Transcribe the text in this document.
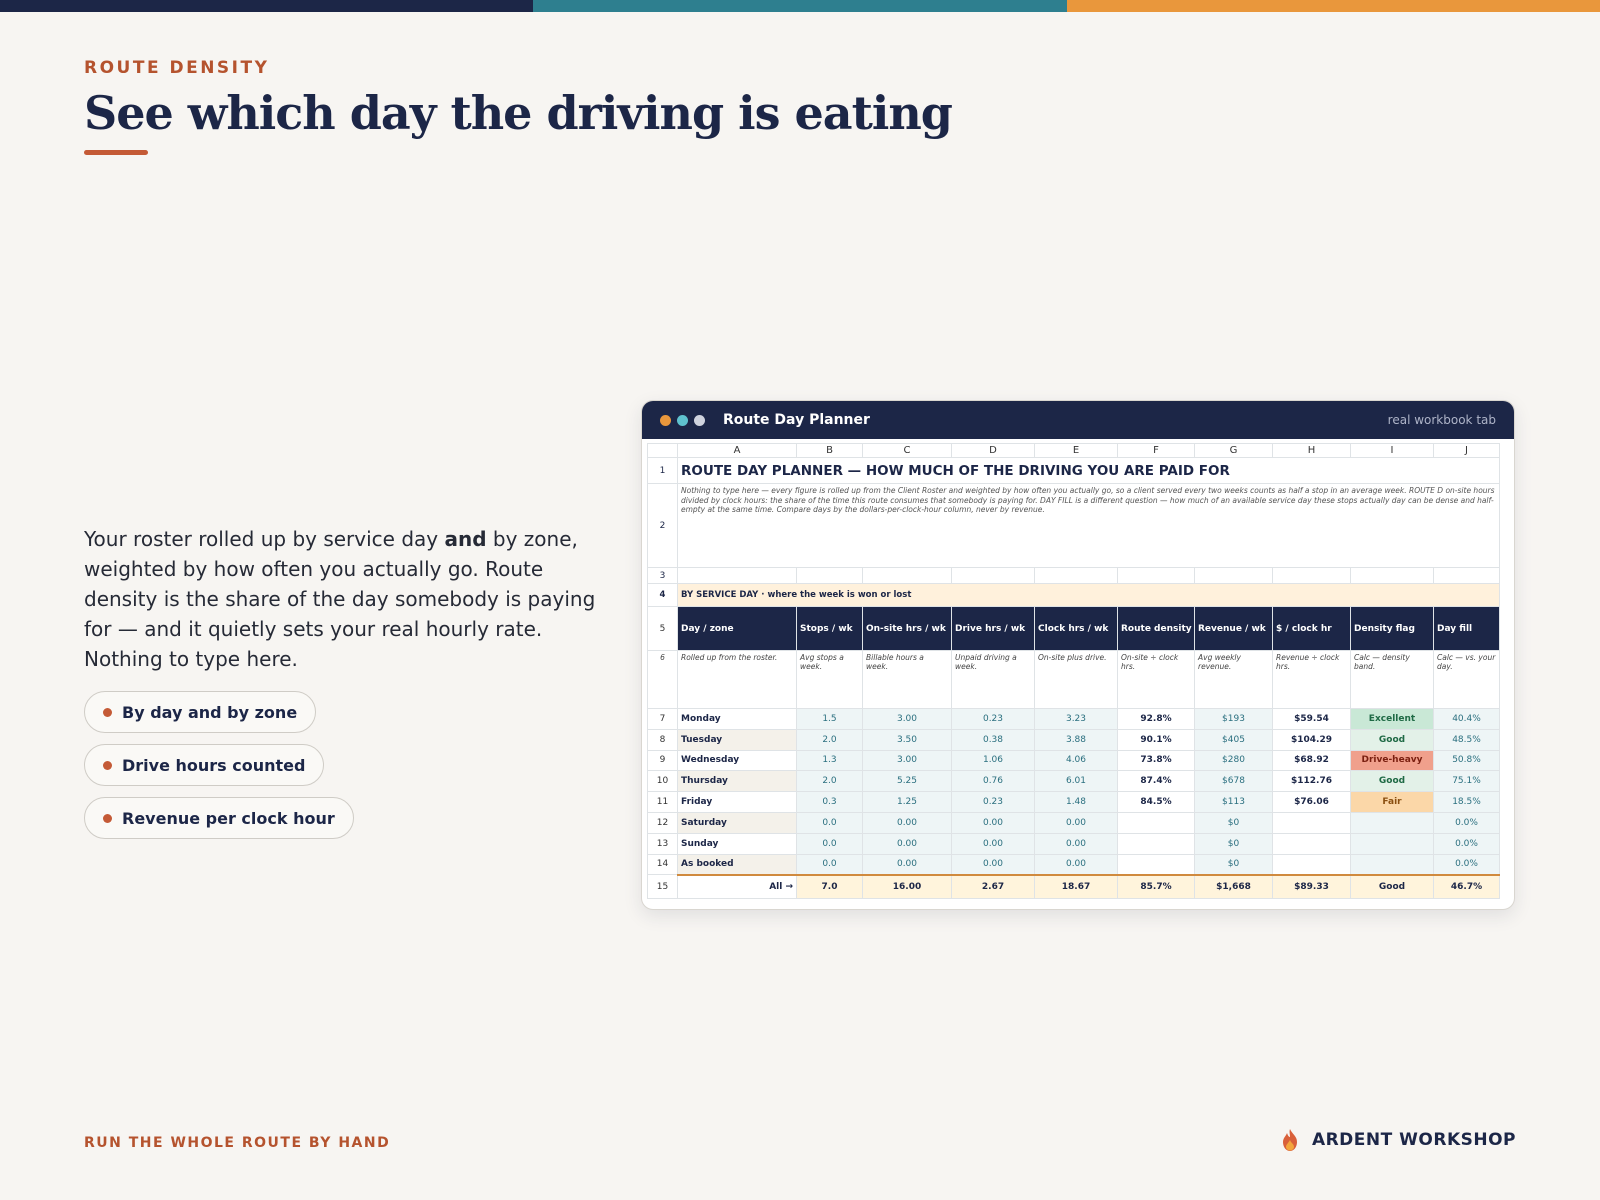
ROUTE DENSITY
See which day the driving is eating

Your roster rolled up by service day and by zone, weighted by how often you actually go. Route density is the share of the day somebody is paying for — and it quietly sets your real hourly rate. Nothing to type here.

By day and by zone
Drive hours counted
Revenue per clock hour
Route Day Planner	real workbook tab
	A	B	C	D	E	F	G	H	I	J
1	ROUTE DAY PLANNER — HOW MUCH OF THE DRIVING YOU ARE PAID FOR									
2	Nothing to type here — every figure is rolled up from the Client Roster and weighted by how often you actually go, so a client served every two weeks counts as half a stop in an average week. ROUTE D on-site hours divided by clock hours: the share of the time this route consumes that somebody is paying for. DAY FILL is a different question — how much of an available service day these stops actually day can be dense and half-empty at the same time. Compare days by the dollars-per-clock-hour column, never by revenue.									
3										
4	BY SERVICE DAY · where the week is won or lost									
5	Day / zone	Stops / wk	On-site hrs / wk	Drive hrs / wk	Clock hrs / wk	Route density	Revenue / wk	$ / clock hr	Density flag	Day fill
6	Rolled up from the roster.	Avg stops a week.	Billable hours a week.	Unpaid driving a week.	On-site plus drive.	On-site ÷ clock hrs.	Avg weekly revenue.	Revenue ÷ clock hrs.	Calc — density band.	Calc — vs. your day.
7	Monday	1.5	3.00	0.23	3.23	92.8%	$193	$59.54	Excellent	40.4%
8	Tuesday	2.0	3.50	0.38	3.88	90.1%	$405	$104.29	Good	48.5%
9	Wednesday	1.3	3.00	1.06	4.06	73.8%	$280	$68.92	Drive-heavy	50.8%
10	Thursday	2.0	5.25	0.76	6.01	87.4%	$678	$112.76	Good	75.1%
11	Friday	0.3	1.25	0.23	1.48	84.5%	$113	$76.06	Fair	18.5%
12	Saturday	0.0	0.00	0.00	0.00		$0			0.0%
13	Sunday	0.0	0.00	0.00	0.00		$0			0.0%
14	As booked	0.0	0.00	0.00	0.00		$0			0.0%
15	All →	7.0	16.00	2.67	18.67	85.7%	$1,668	$89.33	Good	46.7%
RUN THE WHOLE ROUTE BY HAND	ARDENT WORKSHOP
